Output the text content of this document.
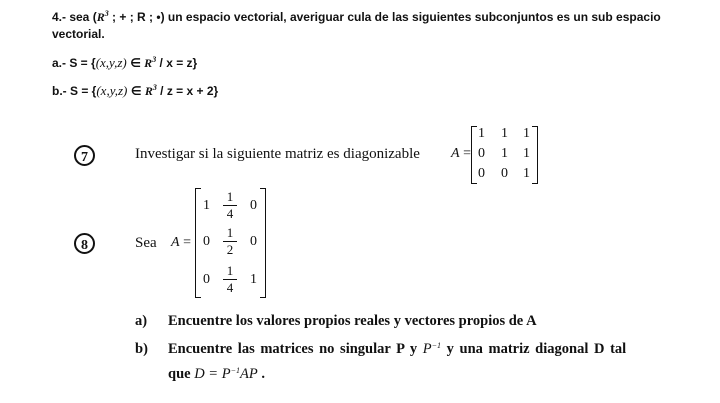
4.- sea ($R^3$ ; + ; R ; •) un espacio vectorial, averiguar cula de las siguientes subconjuntos es un sub espacio
vectorial.
a.- S = {(x,y,z) ∈ $R^3 / x = z$}
b.- S = {(x,y,z) ∈ $R^3 / z = x + 2$}
7	Investigar si la siguiente matriz es diagonizable A =
1 1 1
0 1 1
0 0 1
8	Sea A =
1
1
4
0
0
1
2
0
0
1
4
1
a) Encuentre los valores propios reales y vectores propios de A
b) Encuentre las matrices no singular P y $P^{-1}$ y una matriz diagonal D tal
que $D = P^{-1}AP$ .
